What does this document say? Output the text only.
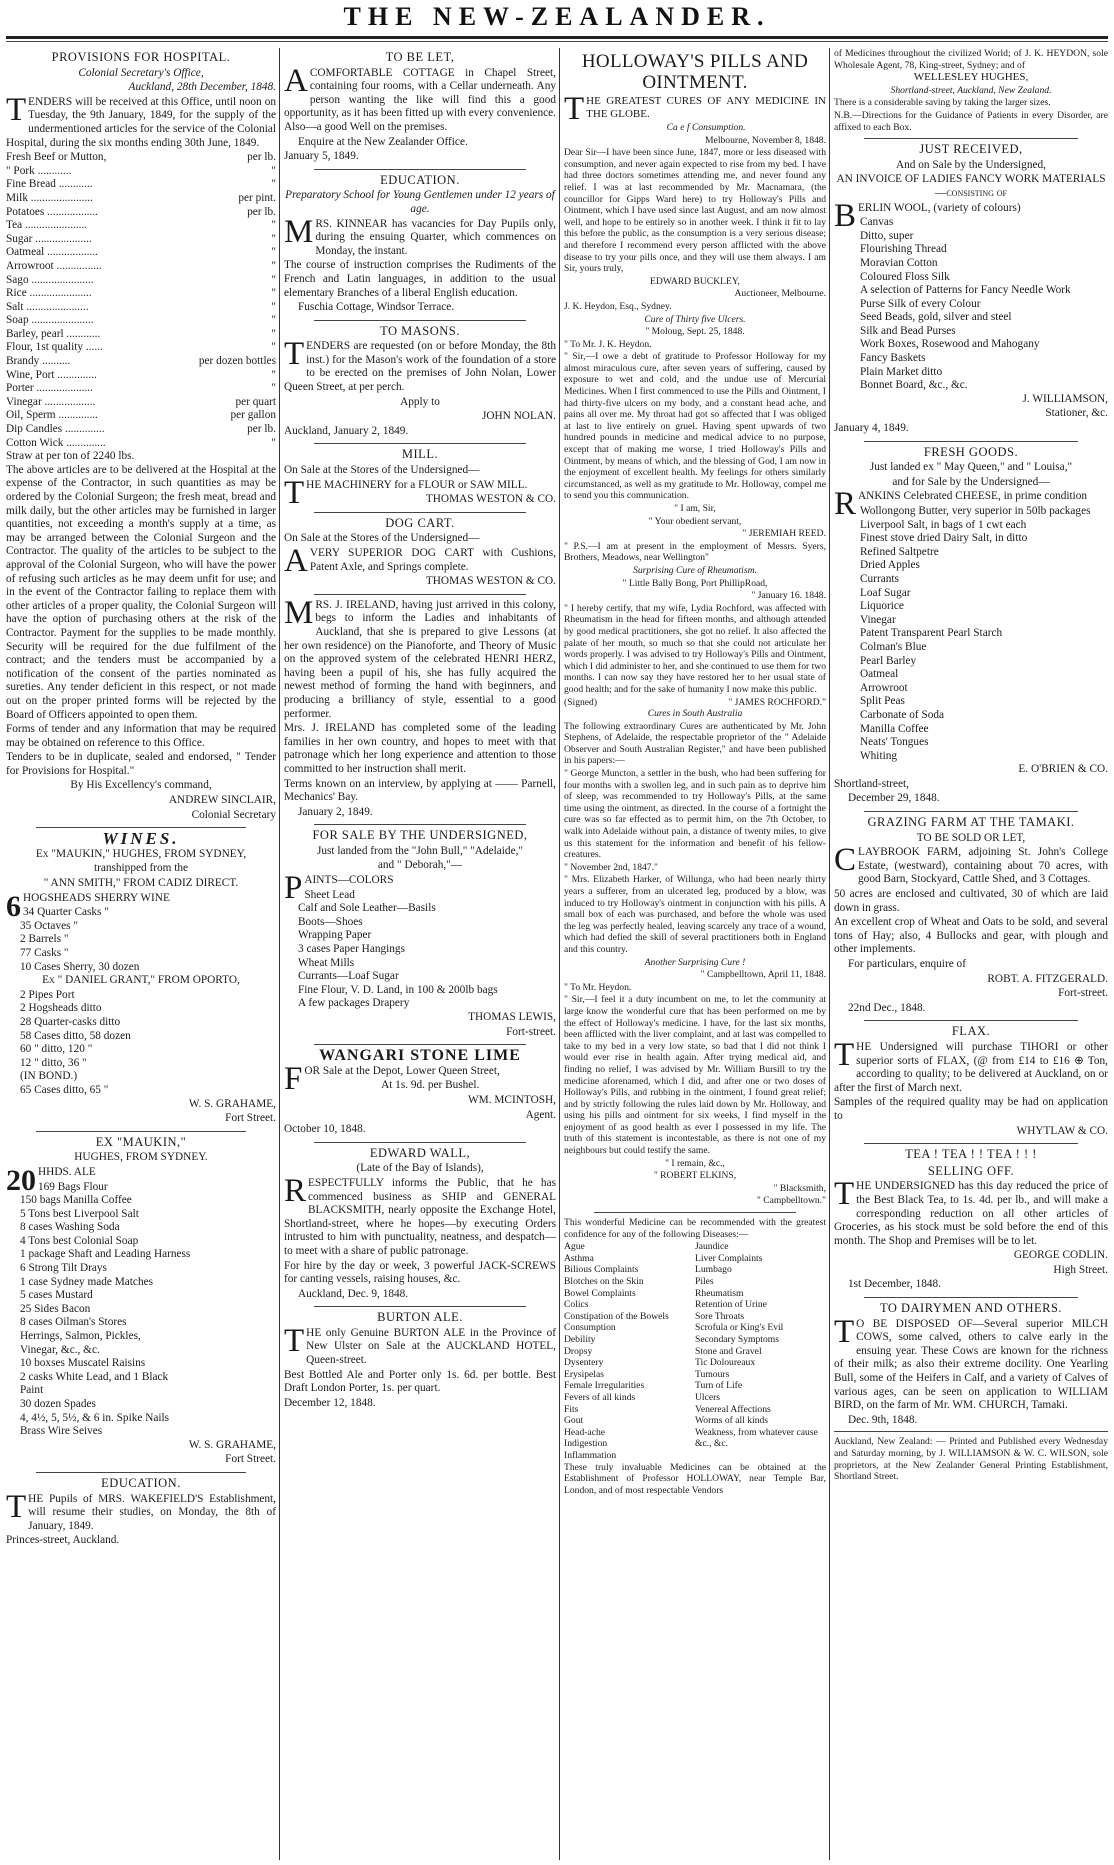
THE NEW-ZEALANDER.
PROVISIONS FOR HOSPITAL.

Colonial Secretary's Office,

Auckland, 28th December, 1848.

TENDERS will be received at this Office, until noon on Tuesday, the 9th January, 1849, for the supply of the undermentioned articles for the service of the Colonial Hospital, during the six months ending 30th June, 1849.

Fresh Beef or Mutton,	per lb.
" Pork ............	"
Fine Bread ............	"
Milk ......................	per pint.
Potatoes ..................	per lb.
Tea ......................	"
Sugar ....................	"
Oatmeal ..................	"
Arrowroot ................	"
Sago ......................	"
Rice ......................	"
Salt ......................	"
Soap ......................	"
Barley, pearl ............	"
Flour, 1st quality ......	"
Brandy ..........	per dozen bottles
Wine, Port ..............	"
Porter ....................	"
Vinegar ..................	per quart
Oil, Sperm ..............	per gallon
Dip Candles ..............	per lb.
Cotton Wick ..............	"
Straw at per ton of 2240 lbs.

The above articles are to be delivered at the Hospital at the expense of the Contractor, in such quantities as may be ordered by the Colonial Surgeon; the fresh meat, bread and milk daily, but the other articles may be furnished in larger quantities, not exceeding a month's supply at a time, as may be arranged between the Colonial Surgeon and the Contractor. The quality of the articles to be subject to the approval of the Colonial Surgeon, who will have the power of refusing such articles as he may deem unfit for use; and in the event of the Contractor failing to replace them with other articles of a proper quality, the Colonial Surgeon will have the option of purchasing others at the risk of the Contractor. Payment for the supplies to be made monthly. Security will be required for the due fulfilment of the contract; and the tenders must be accompanied by a notification of the consent of the parties nominated as sureties. Any tender deficient in this respect, or not made out on the proper printed forms will be rejected by the Board of Officers appointed to open them.

Forms of tender and any information that may be required may be obtained on reference to this Office.

Tenders to be in duplicate, sealed and endorsed, " Tender for Provisions for Hospital."

By His Excellency's command,

ANDREW SINCLAIR,

Colonial Secretary

WINES.

Ex "MAUKIN," HUGHES, FROM SYDNEY,

transhipped from the

" ANN SMITH," FROM CADIZ DIRECT.

6 HOGSHEADS SHERRY WINE

34 Quarter Casks "
35 Octaves "
2 Barrels "
77 Casks "
10 Cases Sherry, 30 dozen

Ex " DANIEL GRANT," FROM OPORTO,

2 Pipes Port
2 Hogsheads ditto
28 Quarter-casks ditto
58 Cases ditto, 58 dozen
60 " ditto, 120 "
12 " ditto, 36 "
(IN BOND.)
65 Cases ditto, 65 "

W. S. GRAHAME,

Fort Street.

EX "MAUKIN,"

HUGHES, FROM SYDNEY.

20 HHDS. ALE

169 Bags Flour
150 bags Manilla Coffee
5 Tons best Liverpool Salt
8 cases Washing Soda
4 Tons best Colonial Soap
1 package Shaft and Leading Harness
6 Strong Tilt Drays
1 case Sydney made Matches
5 cases Mustard
25 Sides Bacon
8 cases Oilman's Stores
Herrings, Salmon, Pickles,
Vinegar, &c., &c.
10 boxses Muscatel Raisins
2 casks White Lead, and 1 Black
Paint
30 dozen Spades
4, 4½, 5, 5½, & 6 in. Spike Nails
Brass Wire Seives

W. S. GRAHAME,

Fort Street.

EDUCATION.

THE Pupils of MRS. WAKEFIELD'S Establishment, will resume their studies, on Monday, the 8th of January, 1849.

Princes-street, Auckland.

TO BE LET,

ACOMFORTABLE COTTAGE in Chapel Street, containing four rooms, with a Cellar underneath. Any person wanting the like will find this a good opportunity, as it has been fitted up with every convenience. Also—a good Well on the premises.

Enquire at the New Zealander Office.

January 5, 1849.

EDUCATION.

Preparatory School for Young Gentlemen under 12 years of age.

MRS. KINNEAR has vacancies for Day Pupils only, during the ensuing Quarter, which commences on Monday, the instant.

The course of instruction comprises the Rudiments of the French and Latin languages, in addition to the usual elementary Branches of a liberal English education.

Fuschia Cottage, Windsor Terrace.

TO MASONS.

TENDERS are requested (on or before Monday, the 8th inst.) for the Mason's work of the foundation of a store to be erected on the premises of John Nolan, Lower Queen Street, at per perch.

Apply to

JOHN NOLAN.

Auckland, January 2, 1849.

MILL.

On Sale at the Stores of the Undersigned—

THE MACHINERY for a FLOUR or SAW MILL.

THOMAS WESTON & CO.

DOG CART.

On Sale at the Stores of the Undersigned—

AVERY SUPERIOR DOG CART with Cushions, Patent Axle, and Springs complete.

THOMAS WESTON & CO.

MRS. J. IRELAND, having just arrived in this colony, begs to inform the Ladies and inhabitants of Auckland, that she is prepared to give Lessons (at her own residence) on the Pianoforte, and Theory of Music on the approved system of the celebrated HENRI HERZ, having been a pupil of his, she has fully acquired the newest method of forming the hand with beginners, and producing a brilliancy of style, essential to a good performer.

Mrs. J. IRELAND has completed some of the leading families in her own country, and hopes to meet with that patronage which her long experience and attention to those committed to her instruction shall merit.

Terms known on an interview, by applying at —— Parnell, Mechanics' Bay.

January 2, 1849.

FOR SALE BY THE UNDERSIGNED,

Just landed from the "John Bull," "Adelaide,"

and " Deborah,"—

PAINTS—COLORS

Sheet Lead
Calf and Sole Leather—Basils
Boots—Shoes
Wrapping Paper
3 cases Paper Hangings
Wheat Mills
Currants—Loaf Sugar
Fine Flour, V. D. Land, in 100 & 200lb bags
A few packages Drapery

THOMAS LEWIS,

Fort-street.

WANGARI STONE LIME

FOR Sale at the Depot, Lower Queen Street,

At 1s. 9d. per Bushel.

WM. MCINTOSH,

Agent.

October 10, 1848.

EDWARD WALL,

(Late of the Bay of Islands),

RESPECTFULLY informs the Public, that he has commenced business as SHIP and GENERAL BLACKSMITH, nearly opposite the Exchange Hotel, Shortland-street, where he hopes—by executing Orders intrusted to him with punctuality, neatness, and despatch—to meet with a share of public patronage.

For hire by the day or week, 3 powerful JACK-SCREWS for canting vessels, raising houses, &c.

Auckland, Dec. 9, 1848.

BURTON ALE.

THE only Genuine BURTON ALE in the Province of New Ulster on Sale at the AUCKLAND HOTEL, Queen-street.

Best Bottled Ale and Porter only 1s. 6d. per bottle. Best Draft London Porter, 1s. per quart.

December 12, 1848.

HOLLOWAY'S PILLS AND OINTMENT.

THE GREATEST CURES OF ANY MEDICINE IN THE GLOBE.

Ca e f Consumption.

Melbourne, November 8, 1848.

Dear Sir—I have been since June, 1847, more or less diseased with consumption, and never again expected to rise from my bed. I have had three doctors sometimes attending me, and never found any relief. I was at last recommended by Mr. Macnamara, (the councillor for Gipps Ward here) to try Holloway's Pills and Ointment, which I have used since last August, and am now almost well, and hope to be entirely so in another week. I think it fit to lay this before the public, as the consumption is a very serious disease; and therefore I recommend every person afflicted with the above disease to try your pills once, and they will use them always. I am Sir, yours truly,

EDWARD BUCKLEY,

Auctioneer, Melbourne.

J. K. Heydon, Esq., Sydney.

Cure of Thirty five Ulcers.

" Moloug, Sept. 25, 1848.

" To Mr. J. K. Heydon.

" Sir,—I owe a debt of gratitude to Professor Holloway for my almost miraculous cure, after seven years of suffering, caused by exposure to wet and cold, and the undue use of Mercurial Medicines. When I first commenced to use the Pills and Ointment, I had thirty-five ulcers on my body, and a constant head ache, and pains all over me. My throat had got so affected that I was obliged at last to live entirely on gruel. Having spent upwards of two hundred pounds in medicine and medical advice to no purpose, except that of making me worse, I tried Holloway's Pills and Ointment, by means of which, and the blessing of God, I am now in the enjoyment of excellent health. My feelings for others similarly circumstanced, as well as my gratitude to Mr. Holloway, compel me to send you this communication.

" I am, Sir,

" Your obedient servant,

" JEREMIAH REED.

" P.S.—I am at present in the employment of Messrs. Syers, Brothers, Meadows, near Wellington"

Surprising Cure of Rheumatism.

" Little Bally Bong, Port PhillipRoad,

" January 16. 1848.

" I hereby certify, that my wife, Lydia Rochford, was affected with Rheumatism in the head for fifteen months, and although attended by good medical practitioners, she got no relief. It also affected the palate of her mouth, so much so that she could not articulate her words properly. I was advised to try Holloway's Pills and Ointment, which I did administer to her, and she continued to use them for two months. I can now say they have restored her to her usual state of good health; and for the sake of humanity I now make this public.

(Signed)	" JAMES ROCHFORD."

Cures in South Australia

The following extraordinary Cures are authenticated by Mr. John Stephens, of Adelaide, the respectable proprietor of the " Adelaide Observer and South Australian Register," and have been published in his papers:—

" George Muncton, a settler in the bush, who had been suffering for four months with a swollen leg, and in such pain as to deprive him of sleep, was recommended to try Holloway's Pills, at the same time using the ointment, as directed. In the course of a fortnight the cure was so far effected as to permit him, on the 7th October, to walk into Adelaide without pain, a distance of twenty miles, to give us this statement for the information and benefit of his fellow-creatures.

" November 2nd, 1847."

" Mrs. Elizabeth Harker, of Willunga, who had been nearly thirty years a sufferer, from an ulcerated leg, produced by a blow, was induced to try Holloway's ointment in conjunction with his pills. A small box of each was purchased, and before the whole was used the leg was perfectly healed, leaving scarcely any trace of a wound, which had defied the skill of several practitioners both in England and this country.

Another Surprising Cure !

" Campbelltown, April 11, 1848.

" To Mr. Heydon.

" Sir,—I feel it a duty incumbent on me, to let the community at large know the wonderful cure that has been performed on me by the effect of Holloway's medicine. I have, for the last six months, been afflicted with the liver complaint, and at last was compelled to take to my bed in a very low state, so bad that I did not think I would ever rise in health again. After trying medical aid, and finding no relief, I was advised by Mr. William Bursill to try the medicine aforenamed, which I did, and after one or two doses of Holloway's Pills, and rubbing in the ointment, I found great relief; and by strictly following the rules laid down by Mr. Holloway, and using his pills and ointment for six weeks, I find myself in the enjoyment of as good health as ever I possessed in my life. The truth of this statement is incontestable, as there is not one of my neighbours but could testify the same.

" I remain, &c.,

" ROBERT ELKINS,

" Blacksmith,

" Campbelltown."

This wonderful Medicine can be recommended with the greatest confidence for any of the following Diseases:—

Ague
Asthma
Bilious Complaints
Blotches on the Skin
Bowel Complaints
Colics
Constipation of the Bowels
Consumption
Debility
Dropsy
Dysentery
Erysipelas
Female Irregularities
Fevers of all kinds
Fits
Gout
Head-ache
Indigestion
Inflammation
Jaundice
Liver Complaints
Lumbago
Piles
Rheumatism
Retention of Urine
Sore Throats
Scrofula or King's Evil
Secondary Symptoms
Stone and Gravel
Tic Doloureaux
Tumours
Turn of Life
Ulcers
Venereal Affections
Worms of all kinds
Weakness, from whatever cause
&c., &c.

These truly invaluable Medicines can be obtained at the Establishment of Professor HOLLOWAY, near Temple Bar, London, and of most respectable Vendors

of Medicines throughout the civilized World; of J. K. HEYDON, sole Wholesale Agent, 78, King-street, Sydney; and of

WELLESLEY HUGHES,

Shortland-street, Auckland, New Zealand.

There is a considerable saving by taking the larger sizes.

N.B.—Directions for the Guidance of Patients in every Disorder, are affixed to each Box.

JUST RECEIVED,

And on Sale by the Undersigned,

AN INVOICE OF LADIES FANCY WORK MATERIALS—consisting of

BERLIN WOOL, (variety of colours)

Canvas
Ditto, super
Flourishing Thread
Moravian Cotton
Coloured Floss Silk
A selection of Patterns for Fancy Needle Work
Purse Silk of every Colour
Seed Beads, gold, silver and steel
Silk and Bead Purses
Work Boxes, Rosewood and Mahogany
Fancy Baskets
Plain Market ditto
Bonnet Board, &c., &c.

J. WILLIAMSON,

Stationer, &c.

January 4, 1849.

FRESH GOODS.

Just landed ex " May Queen," and " Louisa,"

and for Sale by the Undersigned—

RANKINS Celebrated CHEESE, in prime condition

Wollongong Butter, very superior in 50lb packages
Liverpool Salt, in bags of 1 cwt each
Finest stove dried Dairy Salt, in ditto
Refined Saltpetre
Dried Apples
Currants
Loaf Sugar
Liquorice
Vinegar
Patent Transparent Pearl Starch
Colman's Blue
Pearl Barley
Oatmeal
Arrowroot
Split Peas
Carbonate of Soda
Manilla Coffee
Neats' Tongues
Whiting

E. O'BRIEN & CO.

Shortland-street,

December 29, 1848.

GRAZING FARM AT THE TAMAKI.

TO BE SOLD OR LET,

CLAYBROOK FARM, adjoining St. John's College Estate, (westward), containing about 70 acres, with good Barn, Stockyard, Cattle Shed, and 3 Cottages.

50 acres are enclosed and cultivated, 30 of which are laid down in grass.

An excellent crop of Wheat and Oats to be sold, and several tons of Hay; also, 4 Bullocks and gear, with plough and other implements.

For particulars, enquire of

ROBT. A. FITZGERALD.

Fort-street.

22nd Dec., 1848.

FLAX.

THE Undersigned will purchase TIHORI or other superior sorts of FLAX, (@ from £14 to £16 ⊕ Ton, according to quality; to be delivered at Auckland, on or after the first of March next.

Samples of the required quality may be had on application to

WHYTLAW & CO.

TEA ! TEA ! ! TEA ! ! !
SELLING OFF.

THE UNDERSIGNED has this day reduced the price of the Best Black Tea, to 1s. 4d. per lb., and will make a corresponding reduction on all other articles of Groceries, as his stock must be sold before the end of this month. The Shop and Premises will be to let.

GEORGE CODLIN.

High Street.

1st December, 1848.

TO DAIRYMEN AND OTHERS.

T O BE DISPOSED OF—Several superior MILCH COWS, some calved, others to calve early in the ensuing year. These Cows are known for the richness of their milk; as also their extreme docility. One Yearling Bull, some of the Heifers in Calf, and a variety of Calves of various ages, can be seen on application to WILLIAM BIRD, on the farm of Mr. WM. CHURCH, Tamaki.

Dec. 9th, 1848.

Auckland, New Zealand: — Printed and Published every Wednesday and Saturday morning, by J. WILLIAMSON & W. C. WILSON, sole proprietors, at the New Zealander General Printing Establishment, Shortland Street.
